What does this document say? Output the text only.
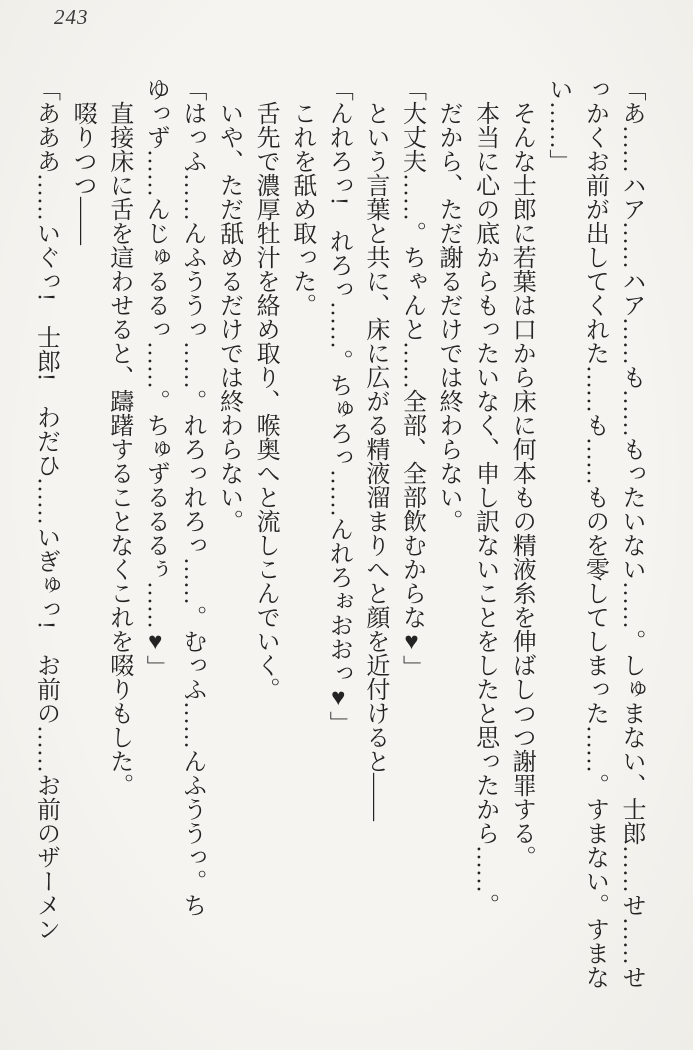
243

「あ……ハア……ハア……も……もったいない……。しゅまない、士郎……せ……せ

っかくお前が出してくれた……も……ものを零してしまった……。すまない。すまな

い……」

そんな士郎に若葉は口から床に何本もの精液糸を伸ばしつつ謝罪する。

本当に心の底からもったいなく、申し訳ないことをしたと思ったから……。

だから、ただ謝るだけでは終わらない。

「大丈夫……。ちゃんと……全部、全部飲むからな♥」

という言葉と共に、床に広がる精液溜まりへと顔を近付けると――

「んれろっ!　れろっ……。ちゅろっ……んれろぉおおっ♥」

これを舐め取った。

舌先で濃厚牡汁を絡め取り、喉奥へと流しこんでいく。

いや、ただ舐めるだけでは終わらない。

「はっふ……んふううっ……。れろっれろっ……。むっふ……んふううっ。ち

ゆっず……んじゅるるっ……。ちゅずるるるぅ……♥」

直接床に舌を這わせると、躊躇することなくこれを啜りもした。

啜りつつ――

「あああ……いぐっ!　士郎!　わだひ……いぎゅっ!　お前の……お前のザーメン
